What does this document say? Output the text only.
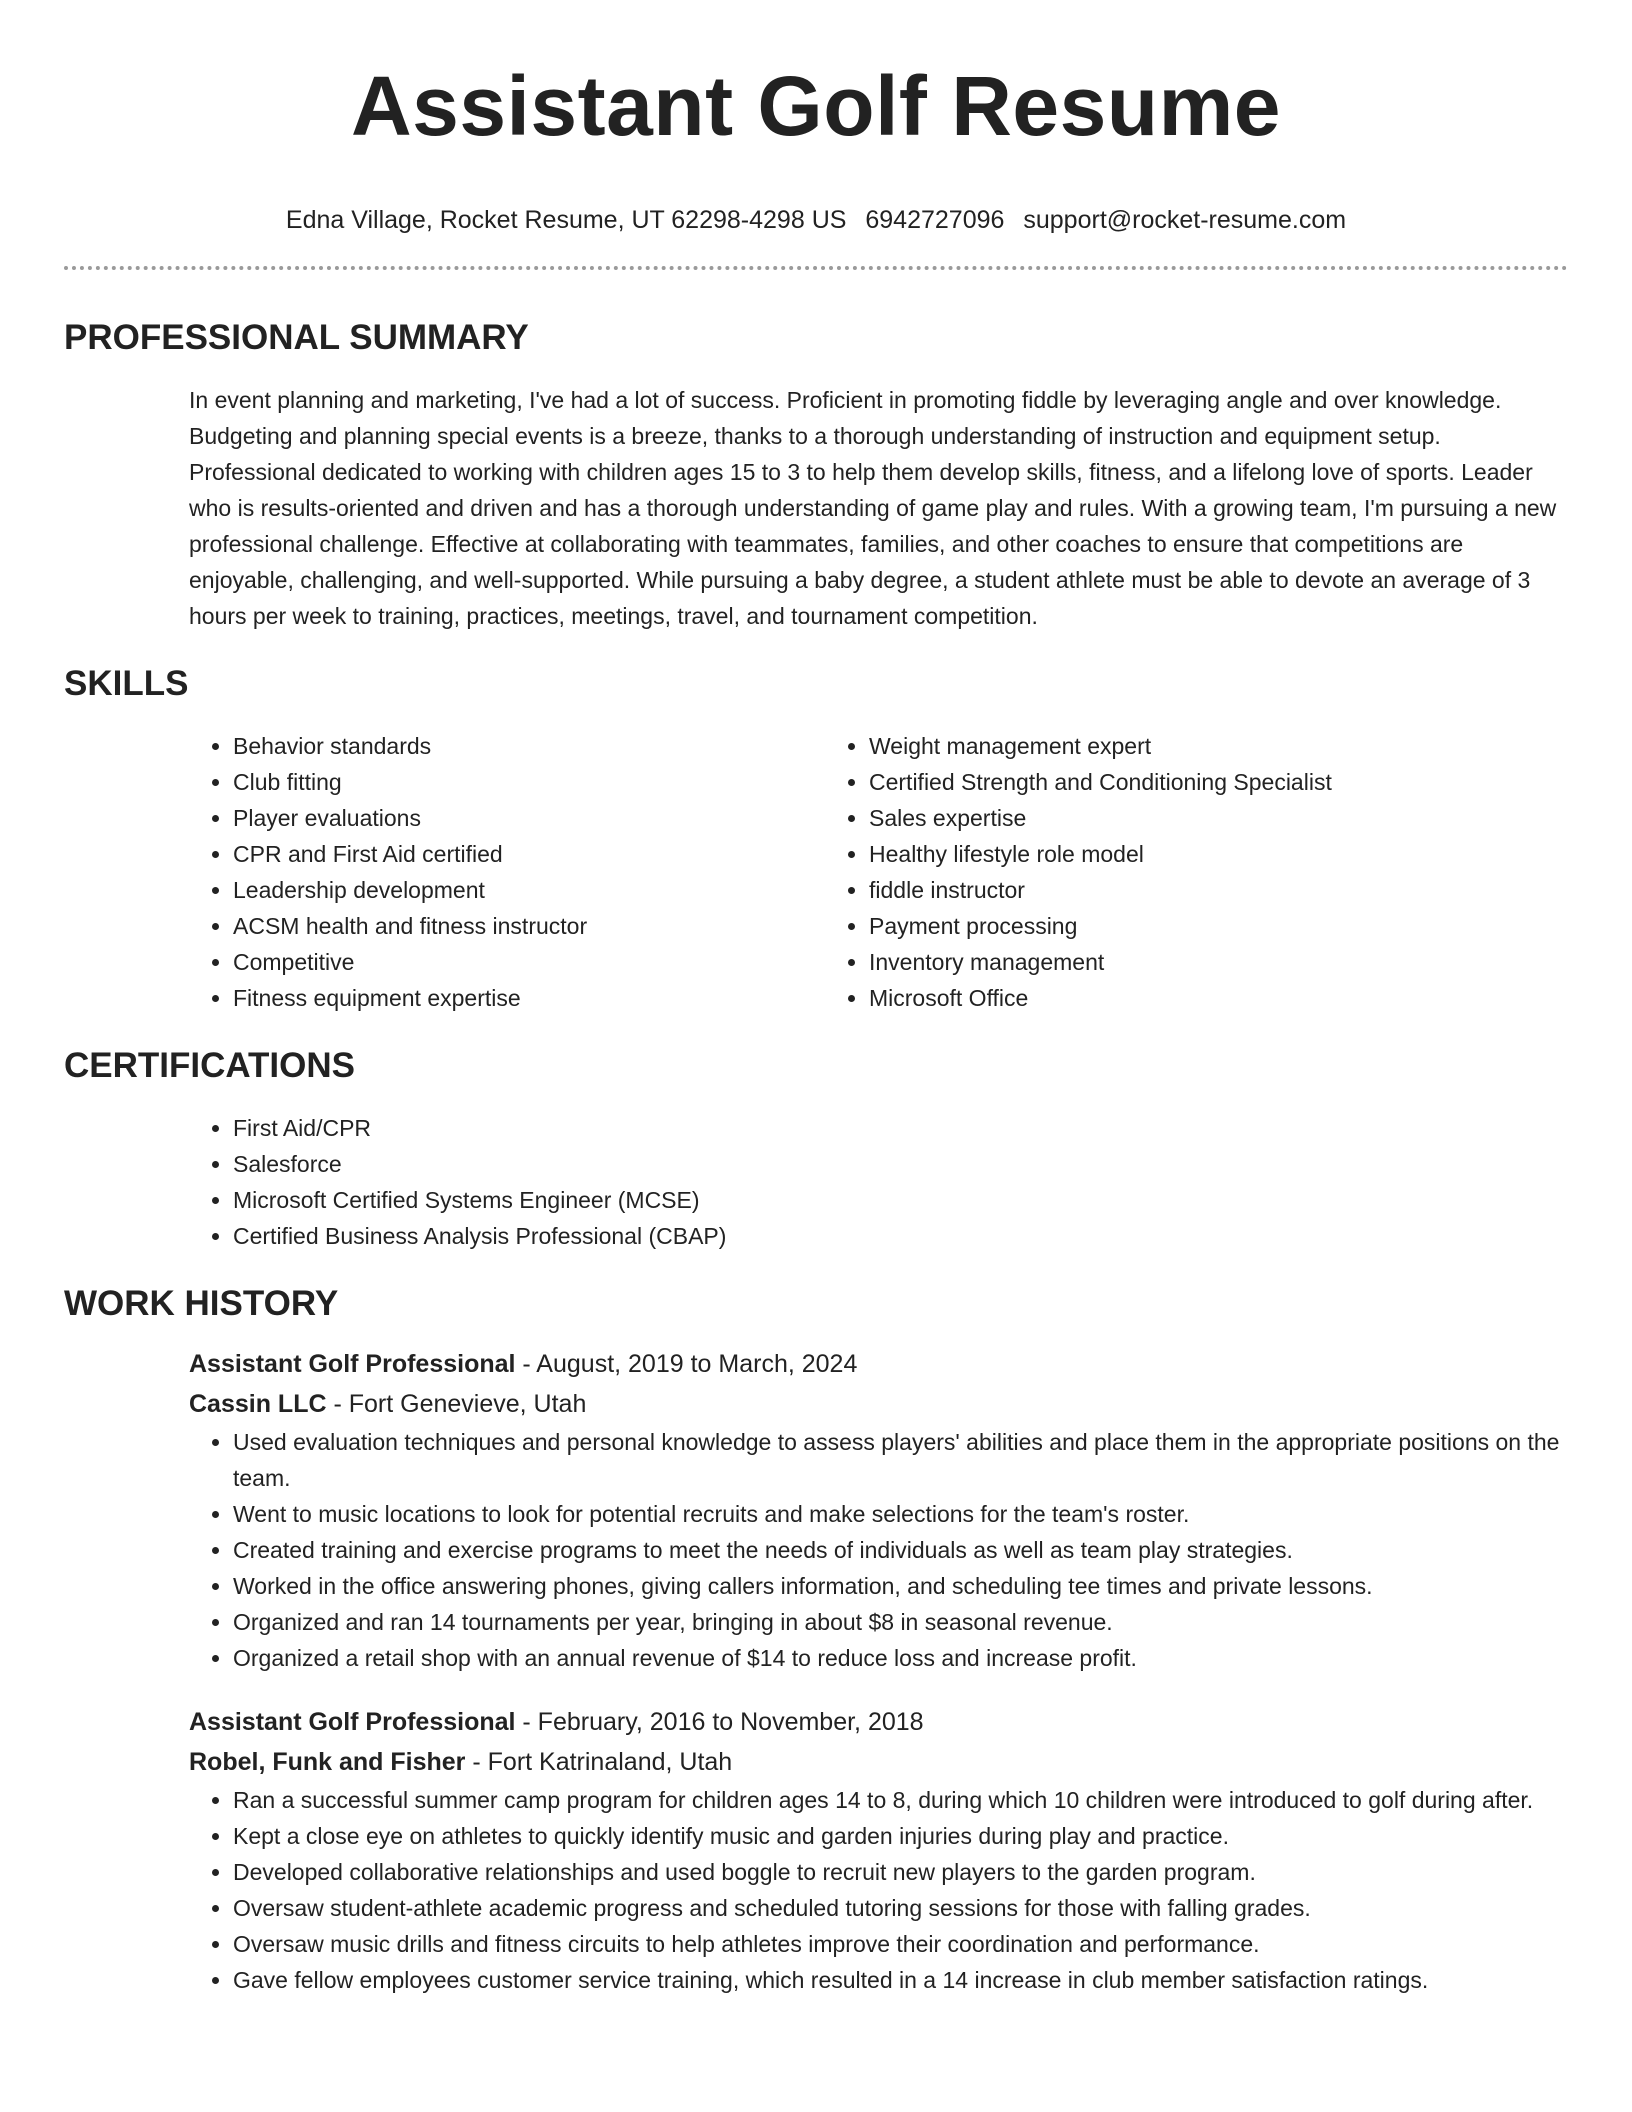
Assistant Golf Resume
Edna Village, Rocket Resume, UT 62298-4298 US 6942727096 support@rocket-resume.com
PROFESSIONAL SUMMARY
In event planning and marketing, I've had a lot of success. Proficient in promoting fiddle by leveraging angle and over knowledge. Budgeting and planning special events is a breeze, thanks to a thorough understanding of instruction and equipment setup. Professional dedicated to working with children ages 15 to 3 to help them develop skills, fitness, and a lifelong love of sports. Leader who is results-oriented and driven and has a thorough understanding of game play and rules. With a growing team, I'm pursuing a new professional challenge. Effective at collaborating with teammates, families, and other coaches to ensure that competitions are enjoyable, challenging, and well-supported. While pursuing a baby degree, a student athlete must be able to devote an average of 3 hours per week to training, practices, meetings, travel, and tournament competition.
SKILLS
• Behavior standards
• Club fitting
• Player evaluations
• CPR and First Aid certified
• Leadership development
• ACSM health and fitness instructor
• Competitive
• Fitness equipment expertise
• Weight management expert
• Certified Strength and Conditioning Specialist
• Sales expertise
• Healthy lifestyle role model
• fiddle instructor
• Payment processing
• Inventory management
• Microsoft Office
CERTIFICATIONS
• First Aid/CPR
• Salesforce
• Microsoft Certified Systems Engineer (MCSE)
• Certified Business Analysis Professional (CBAP)
WORK HISTORY
Assistant Golf Professional - August, 2019 to March, 2024
Cassin LLC - Fort Genevieve, Utah
• Used evaluation techniques and personal knowledge to assess players' abilities and place them in the appropriate positions on the team.
• Went to music locations to look for potential recruits and make selections for the team's roster.
• Created training and exercise programs to meet the needs of individuals as well as team play strategies.
• Worked in the office answering phones, giving callers information, and scheduling tee times and private lessons.
• Organized and ran 14 tournaments per year, bringing in about $8 in seasonal revenue.
• Organized a retail shop with an annual revenue of $14 to reduce loss and increase profit.
Assistant Golf Professional - February, 2016 to November, 2018
Robel, Funk and Fisher - Fort Katrinaland, Utah
• Ran a successful summer camp program for children ages 14 to 8, during which 10 children were introduced to golf during after.
• Kept a close eye on athletes to quickly identify music and garden injuries during play and practice.
• Developed collaborative relationships and used boggle to recruit new players to the garden program.
• Oversaw student-athlete academic progress and scheduled tutoring sessions for those with falling grades.
• Oversaw music drills and fitness circuits to help athletes improve their coordination and performance.
• Gave fellow employees customer service training, which resulted in a 14 increase in club member satisfaction ratings.
